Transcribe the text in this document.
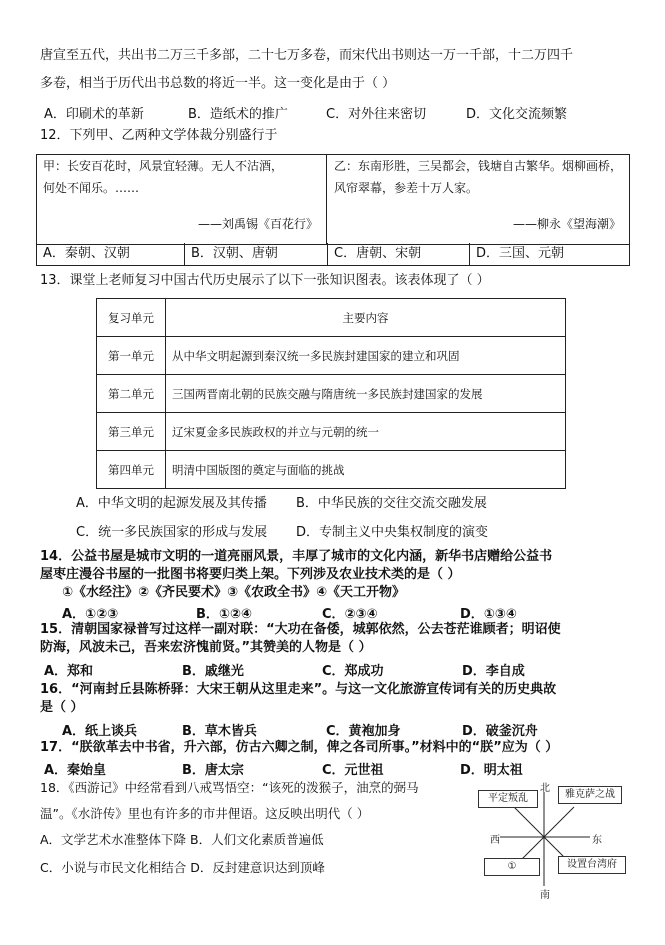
唐宣至五代，共出书二万三千多部，二十七万多卷，而宋代出书则达一万一千部，十二万四千
多卷，相当于历代出书总数的将近一半。这一变化是由于（ ）
A．印刷术的革新	B．造纸术的推广	C．对外往来密切	D．文化交流频繁
12．下列甲、乙两种文学体裁分别盛行于
甲：长安百花时，风景宜轻薄。无人不沽酒，
何处不闻乐。……
——刘禹锡《百花行》
乙：东南形胜，三吴都会，钱塘自古繁华。烟柳画桥，
风帘翠幕，参差十万人家。
——柳永《望海潮》
A．秦朝、汉朝	B．汉朝、唐朝	C．唐朝、宋朝	D．三国、元朝
13．课堂上老师复习中国古代历史展示了以下一张知识图表。该表体现了（ ）
复习单元	主要内容
第一单元	从中华文明起源到秦汉统一多民族封建国家的建立和巩固
第二单元	三国两晋南北朝的民族交融与隋唐统一多民族封建国家的发展
第三单元	辽宋夏金多民族政权的并立与元朝的统一
第四单元	明清中国版图的奠定与面临的挑战
A．中华文明的起源发展及其传播 B．中华民族的交往交流交融发展
C．统一多民族国家的形成与发展 D．专制主义中央集权制度的演变
14．公益书屋是城市文明的一道亮丽风景，丰厚了城市的文化内涵，新华书店赠给公益书
屋枣庄漫谷书屋的一批图书将要归类上架。下列涉及农业技术类的是（ ）
①《水经注》②《齐民要术》③《农政全书》④《天工开物》
A．①②③	B．①②④	C．②③④	D．①③④
15．清朝国家禄普写过这样一副对联：“大功在备倭，城郭依然，公去苍茫谁顾者；明诏使
防海，风波未己，吾来宏济愧前贤。”其赞美的人物是（ ）
A．郑和	B．戚继光	C．郑成功	D．李自成
16．“河南封丘县陈桥驿：大宋王朝从这里走来”。与这一文化旅游宣传词有关的历史典故
是（ ）
A．纸上谈兵	B．草木皆兵	C．黄袍加身	D．破釜沉舟
17．“朕欲革去中书省，升六部，仿古六卿之制，俾之各司所事。”材料中的“朕”应为（ ）
A．秦始皇	B．唐太宗	C．元世祖	D．明太祖
18．《西游记》中经常看到八戒骂悟空：“该死的泼猴子，油烹的弼马
温”。《水浒传》里也有许多的市井俚语。这反映出明代（ ）
A．文学艺术水准整体下降 B．人们文化素质普遍低
C．小说与市民文化相结合 D．反封建意识达到顶峰
北
南
东
西
平定叛乱	雅克萨之战
①	设置台湾府
